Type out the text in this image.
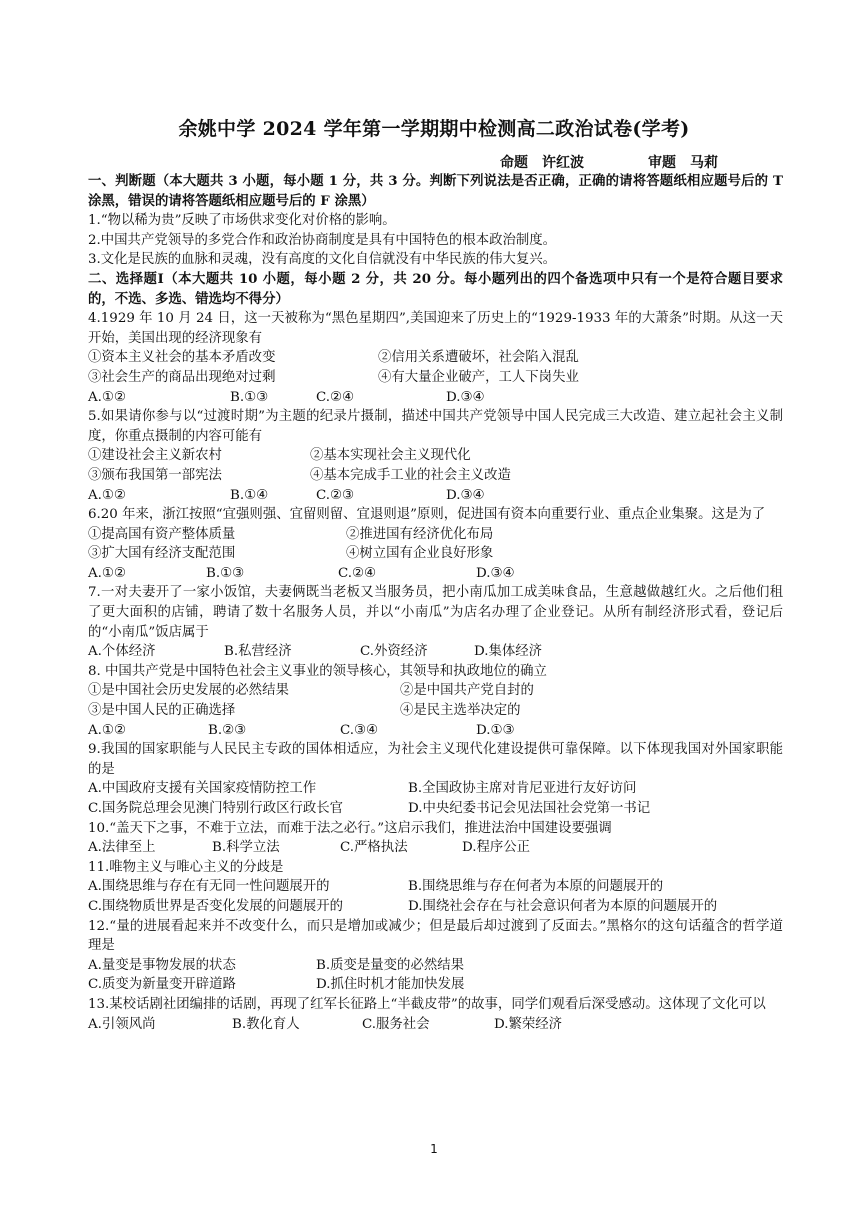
余姚中学 2024 学年第一学期期中检测高二政治试卷(学考)
命题　许红波	审题　马莉
一、判断题（本大题共 3 小题，每小题 1 分，共 3 分。判断下列说法是否正确，正确的请将答题纸相应题号后的 T 涂黑，错误的请将答题纸相应题号后的 F 涂黑）
1.“物以稀为贵”反映了市场供求变化对价格的影响。
2.中国共产党领导的多党合作和政治协商制度是具有中国特色的根本政治制度。
3.文化是民族的血脉和灵魂，没有高度的文化自信就没有中华民族的伟大复兴。
二、选择题Ⅰ（本大题共 10 小题，每小题 2 分，共 20 分。每小题列出的四个备选项中只有一个是符合题目要求的，不选、多选、错选均不得分）
4.1929 年 10 月 24 日，这一天被称为“黑色星期四”,美国迎来了历史上的“1929-1933 年的大萧条”时期。从这一天开始，美国出现的经济现象有
①资本主义社会的基本矛盾改变	②信用关系遭破坏，社会陷入混乱
③社会生产的商品出现绝对过剩	④有大量企业破产，工人下岗失业
A.①②	B.①③	C.②④	D.③④
5.如果请你参与以“过渡时期”为主题的纪录片摄制，描述中国共产党领导中国人民完成三大改造、建立起社会主义制度，你重点摄制的内容可能有
①建设社会主义新农村	②基本实现社会主义现代化
③颁布我国第一部宪法	④基本完成手工业的社会主义改造
A.①②	B.①④	C.②③	D.③④
6.20 年来，浙江按照“宜强则强、宜留则留、宜退则退”原则，促进国有资本向重要行业、重点企业集聚。这是为了
①提高国有资产整体质量	②推进国有经济优化布局
③扩大国有经济支配范围	④树立国有企业良好形象
A.①②	B.①③	C.②④	D.③④
7.一对夫妻开了一家小饭馆，夫妻俩既当老板又当服务员，把小南瓜加工成美味食品，生意越做越红火。之后他们租了更大面积的店铺，聘请了数十名服务人员，并以“小南瓜”为店名办理了企业登记。从所有制经济形式看，登记后的“小南瓜”饭店属于
A.个体经济	B.私营经济	C.外资经济	D.集体经济
8. 中国共产党是中国特色社会主义事业的领导核心，其领导和执政地位的确立
①是中国社会历史发展的必然结果	②是中国共产党自封的
③是中国人民的正确选择	④是民主选举决定的
A.①②	B.②③	C.③④	D.①③
9.我国的国家职能与人民民主专政的国体相适应，为社会主义现代化建设提供可靠保障。以下体现我国对外国家职能的是
A.中国政府支援有关国家疫情防控工作	B.全国政协主席对肯尼亚进行友好访问
C.国务院总理会见澳门特别行政区行政长官	D.中央纪委书记会见法国社会党第一书记
10.“盖天下之事，不难于立法，而难于法之必行。”这启示我们，推进法治中国建设要强调
A.法律至上	B.科学立法	C.严格执法	D.程序公正
11.唯物主义与唯心主义的分歧是
A.围绕思维与存在有无同一性问题展开的	B.围绕思维与存在何者为本原的问题展开的
C.围绕物质世界是否变化发展的问题展开的	D.围绕社会存在与社会意识何者为本原的问题展开的
12.“量的进展看起来并不改变什么，而只是增加或减少；但是最后却过渡到了反面去。”黑格尔的这句话蕴含的哲学道理是
A.量变是事物发展的状态	B.质变是量变的必然结果
C.质变为新量变开辟道路	D.抓住时机才能加快发展
13.某校话剧社团编排的话剧，再现了红军长征路上“半截皮带”的故事，同学们观看后深受感动。这体现了文化可以
A.引领风尚	B.教化育人	C.服务社会	D.繁荣经济
1
